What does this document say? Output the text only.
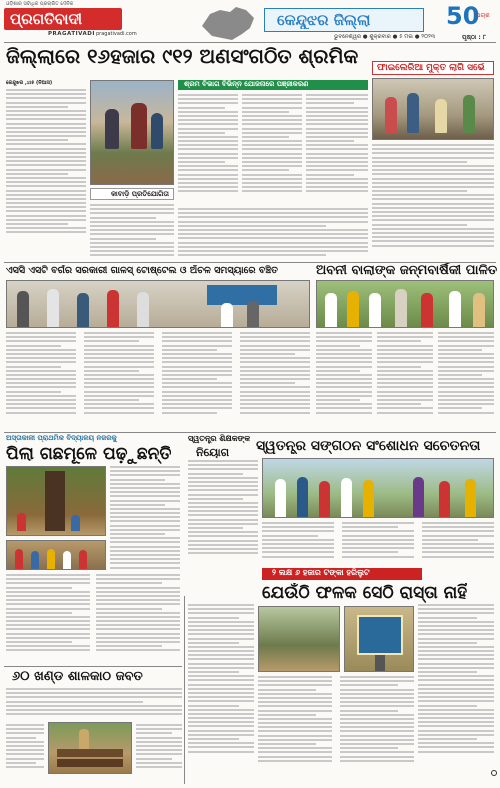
ଓଡ଼ିଶାର ସର୍ବାଧିକ ପ୍ରଚାରିତ ଦୈନିକ
ପ୍ରଗତିବାଦୀ
PRAGATIVADI pragativadi.com
କେନ୍ଦୁଝର ଜିଲ୍ଲା	50
ପଚାଶ
ଭୁବନେଶ୍ୱର ● ଶୁକ୍ରବାର ● ୫ ମଇ ● ୨୦୨୩	ପୃଷ୍ଠା : ୮
ଜିଲ୍ଲାରେ ୧୬ହଜାର ୯୧୨ ଅଣସଂଗଠିତ ଶ୍ରମିକ ଫାଇଲେରିଆ ମୁକ୍ତ ଲାଗି ସର୍ଭେ
କେନ୍ଦୁଝର ,୪ା୫ (ନିଆସ)	ଶ୍ରମ ବିଭାଗ ବିଭିନ୍ନ ଯୋଜନାରେ ପଞ୍ଜୀକରଣ
କାବାଡ଼ି ପ୍ରତିଯୋଗିତା
ଏସସି ଏସଟି ବର୍ଗର ସରକାରୀ ଗାଳସ୍ ଟୋଷ୍ଟେଲ ଓ ଅଁଚଳ ସମସ୍ୟାରେ ବଞ୍ଚିତ	ଅବନୀ ବାଲାଙ୍କ ଜନ୍ମବାର୍ଷିକୀ ପାଳିତ
ଅସ୍ତାକାଳୀ ପ୍ରାଥମିକ ବିଦ୍ୟାଳୟ ନଜରକୁ
ପିଲା ଗଛମୂଳେ ପଢ଼ୁଛନ୍ତି
ସ୍ୱତନ୍ତ୍ର ଶିକ୍ଷକଙ୍କ
ନିୟୋଗ ସ୍ୱତନ୍ତ୍ର ସଙ୍ଗଠନ ସଂଶୋଧନ ସଚେତନତା
୨ ଲକ୍ଷ ୬ ହଜାର ଟଙ୍କା ହରିଲୁଟ
ଯେଉଁଠି ଫଳକ ସେଠି ରାସ୍ତା ନାହିଁ
୬୦ ଖଣ୍ଡ ଶାଳକାଠ ଜବତ
